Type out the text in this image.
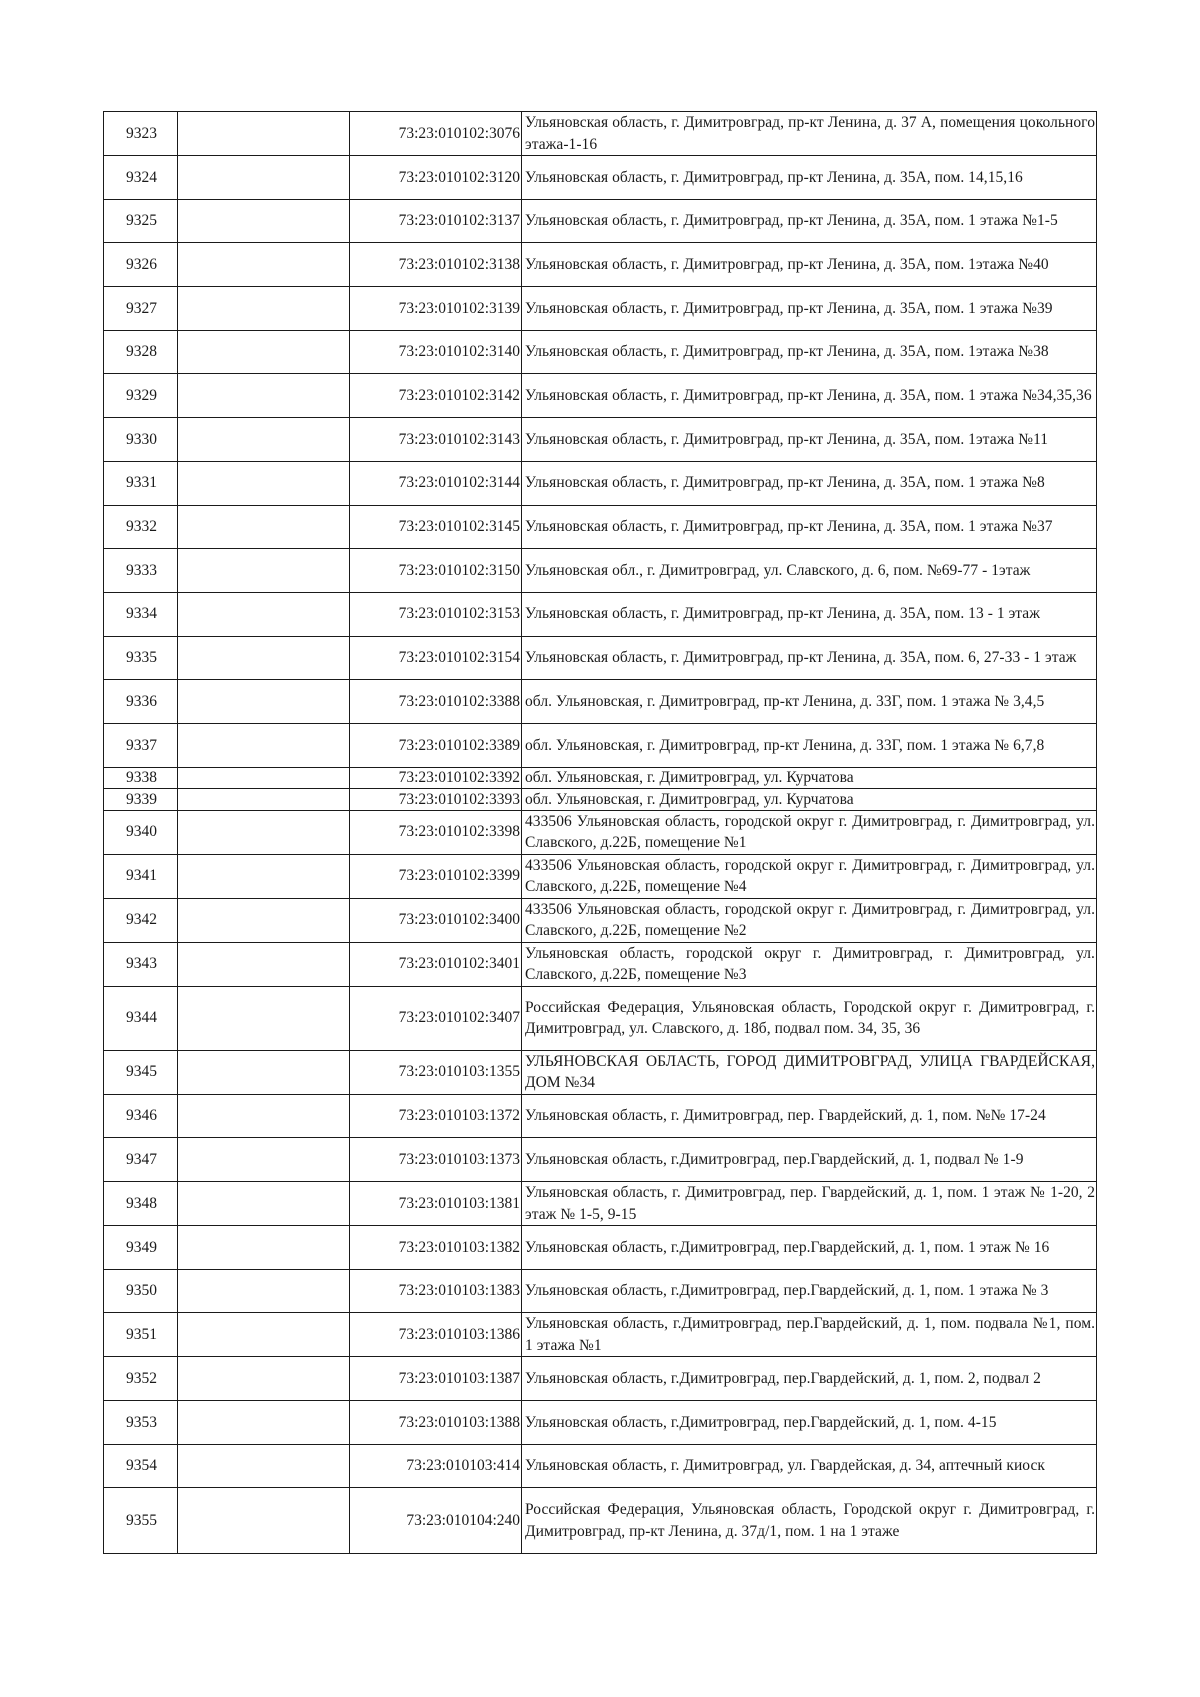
9323		73:23:010102:3076	Ульяновская область, г. Димитровград, пр-кт Ленина, д. 37 А, помещения цокольного этажа-1-16
9324		73:23:010102:3120	Ульяновская область, г. Димитровград, пр-кт Ленина, д. 35А, пом. 14,15,16
9325		73:23:010102:3137	Ульяновская область, г. Димитровград, пр-кт Ленина, д. 35А, пом. 1 этажа №1-5
9326		73:23:010102:3138	Ульяновская область, г. Димитровград, пр-кт Ленина, д. 35А, пом. 1этажа №40
9327		73:23:010102:3139	Ульяновская область, г. Димитровград, пр-кт Ленина, д. 35А, пом. 1 этажа №39
9328		73:23:010102:3140	Ульяновская область, г. Димитровград, пр-кт Ленина, д. 35А, пом. 1этажа №38
9329		73:23:010102:3142	Ульяновская область, г. Димитровград, пр-кт Ленина, д. 35А, пом. 1 этажа №34,35,36
9330		73:23:010102:3143	Ульяновская область, г. Димитровград, пр-кт Ленина, д. 35А, пом. 1этажа №11
9331		73:23:010102:3144	Ульяновская область, г. Димитровград, пр-кт Ленина, д. 35А, пом. 1 этажа №8
9332		73:23:010102:3145	Ульяновская область, г. Димитровград, пр-кт Ленина, д. 35А, пом. 1 этажа №37
9333		73:23:010102:3150	Ульяновская обл., г. Димитровград, ул. Славского, д. 6, пом. №69-77 - 1этаж
9334		73:23:010102:3153	Ульяновская область, г. Димитровград, пр-кт Ленина, д. 35А, пом. 13 - 1 этаж
9335		73:23:010102:3154	Ульяновская область, г. Димитровград, пр-кт Ленина, д. 35А, пом. 6, 27-33 - 1 этаж
9336		73:23:010102:3388	обл. Ульяновская, г. Димитровград, пр-кт Ленина, д. 33Г, пом. 1 этажа № 3,4,5
9337		73:23:010102:3389	обл. Ульяновская, г. Димитровград, пр-кт Ленина, д. 33Г, пом. 1 этажа № 6,7,8
9338		73:23:010102:3392	обл. Ульяновская, г. Димитровград, ул. Курчатова
9339		73:23:010102:3393	обл. Ульяновская, г. Димитровград, ул. Курчатова
9340		73:23:010102:3398	433506 Ульяновская область, городской округ г. Димитровград, г. Димитровград, ул. Славского, д.22Б, помещение №1
9341		73:23:010102:3399	433506 Ульяновская область, городской округ г. Димитровград, г. Димитровград, ул. Славского, д.22Б, помещение №4
9342		73:23:010102:3400	433506 Ульяновская область, городской округ г. Димитровград, г. Димитровград, ул. Славского, д.22Б, помещение №2
9343		73:23:010102:3401	Ульяновская область, городской округ г. Димитровград, г. Димитровград, ул. Славского, д.22Б, помещение №3
9344		73:23:010102:3407	Российская Федерация, Ульяновская область, Городской округ г. Димитровград, г. Димитровград, ул. Славского, д. 18б, подвал пом. 34, 35, 36
9345		73:23:010103:1355	УЛЬЯНОВСКАЯ ОБЛАСТЬ, ГОРОД ДИМИТРОВГРАД, УЛИЦА ГВАРДЕЙСКАЯ, ДОМ №34
9346		73:23:010103:1372	Ульяновская область, г. Димитровград, пер. Гвардейский, д. 1, пом. №№ 17-24
9347		73:23:010103:1373	Ульяновская область, г.Димитровград, пер.Гвардейский, д. 1, подвал № 1-9
9348		73:23:010103:1381	Ульяновская область, г. Димитровград, пер. Гвардейский, д. 1, пом. 1 этаж № 1-20, 2 этаж № 1-5, 9-15
9349		73:23:010103:1382	Ульяновская область, г.Димитровград, пер.Гвардейский, д. 1, пом. 1 этаж № 16
9350		73:23:010103:1383	Ульяновская область, г.Димитровград, пер.Гвардейский, д. 1, пом. 1 этажа № 3
9351		73:23:010103:1386	Ульяновская область, г.Димитровград, пер.Гвардейский, д. 1, пом. подвала №1, пом. 1 этажа №1
9352		73:23:010103:1387	Ульяновская область, г.Димитровград, пер.Гвардейский, д. 1, пом. 2, подвал 2
9353		73:23:010103:1388	Ульяновская область, г.Димитровград, пер.Гвардейский, д. 1, пом. 4-15
9354		73:23:010103:414	Ульяновская область, г. Димитровград, ул. Гвардейская, д. 34, аптечный киоск
9355		73:23:010104:240	Российская Федерация, Ульяновская область, Городской округ г. Димитровград, г. Димитровград, пр-кт Ленина, д. 37д/1, пом. 1 на 1 этаже
